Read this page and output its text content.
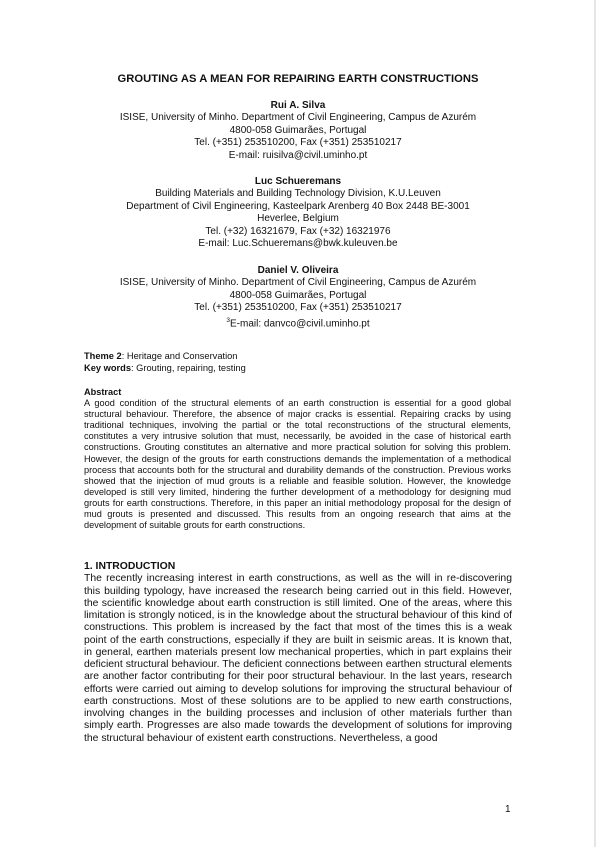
GROUTING AS A MEAN FOR REPAIRING EARTH CONSTRUCTIONS
Rui A. Silva
ISISE, University of Minho. Department of Civil Engineering, Campus de Azurém
4800-058 Guimarães, Portugal
Tel. (+351) 253510200, Fax (+351) 253510217
E-mail: ruisilva@civil.uminho.pt
Luc Schueremans
Building Materials and Building Technology Division, K.U.Leuven
Department of Civil Engineering, Kasteelpark Arenberg 40 Box 2448 BE-3001
Heverlee, Belgium
Tel. (+32) 16321679, Fax (+32) 16321976
E-mail: Luc.Schueremans@bwk.kuleuven.be
Daniel V. Oliveira
ISISE, University of Minho. Department of Civil Engineering, Campus de Azurém
4800-058 Guimarães, Portugal
Tel. (+351) 253510200, Fax (+351) 253510217
$^3$E-mail: danvco@civil.uminho.pt
Theme 2: Heritage and Conservation
Key words: Grouting, repairing, testing
Abstract
A good condition of the structural elements of an earth construction is essential for a good global structural behaviour. Therefore, the absence of major cracks is essential. Repairing cracks by using traditional techniques, involving the partial or the total reconstructions of the structural elements, constitutes a very intrusive solution that must, necessarily, be avoided in the case of historical earth constructions. Grouting constitutes an alternative and more practical solution for solving this problem. However, the design of the grouts for earth constructions demands the implementation of a methodical process that accounts both for the structural and durability demands of the construction. Previous works showed that the injection of mud grouts is a reliable and feasible solution. However, the knowledge developed is still very limited, hindering the further development of a methodology for designing mud grouts for earth constructions. Therefore, in this paper an initial methodology proposal for the design of mud grouts is presented and discussed. This results from an ongoing research that aims at the development of suitable grouts for earth constructions.
1. INTRODUCTION
The recently increasing interest in earth constructions, as well as the will in re-discovering this building typology, have increased the research being carried out in this field. However, the scientific knowledge about earth construction is still limited. One of the areas, where this limitation is strongly noticed, is in the knowledge about the structural behaviour of this kind of constructions. This problem is increased by the fact that most of the times this is a weak point of the earth constructions, especially if they are built in seismic areas. It is known that, in general, earthen materials present low mechanical properties, which in part explains their deficient structural behaviour. The deficient connections between earthen structural elements are another factor contributing for their poor structural behaviour. In the last years, research efforts were carried out aiming to develop solutions for improving the structural behaviour of earth constructions. Most of these solutions are to be applied to new earth constructions, involving changes in the building processes and inclusion of other materials further than simply earth. Progresses are also made towards the development of solutions for improving the structural behaviour of existent earth constructions. Nevertheless, a good
1
